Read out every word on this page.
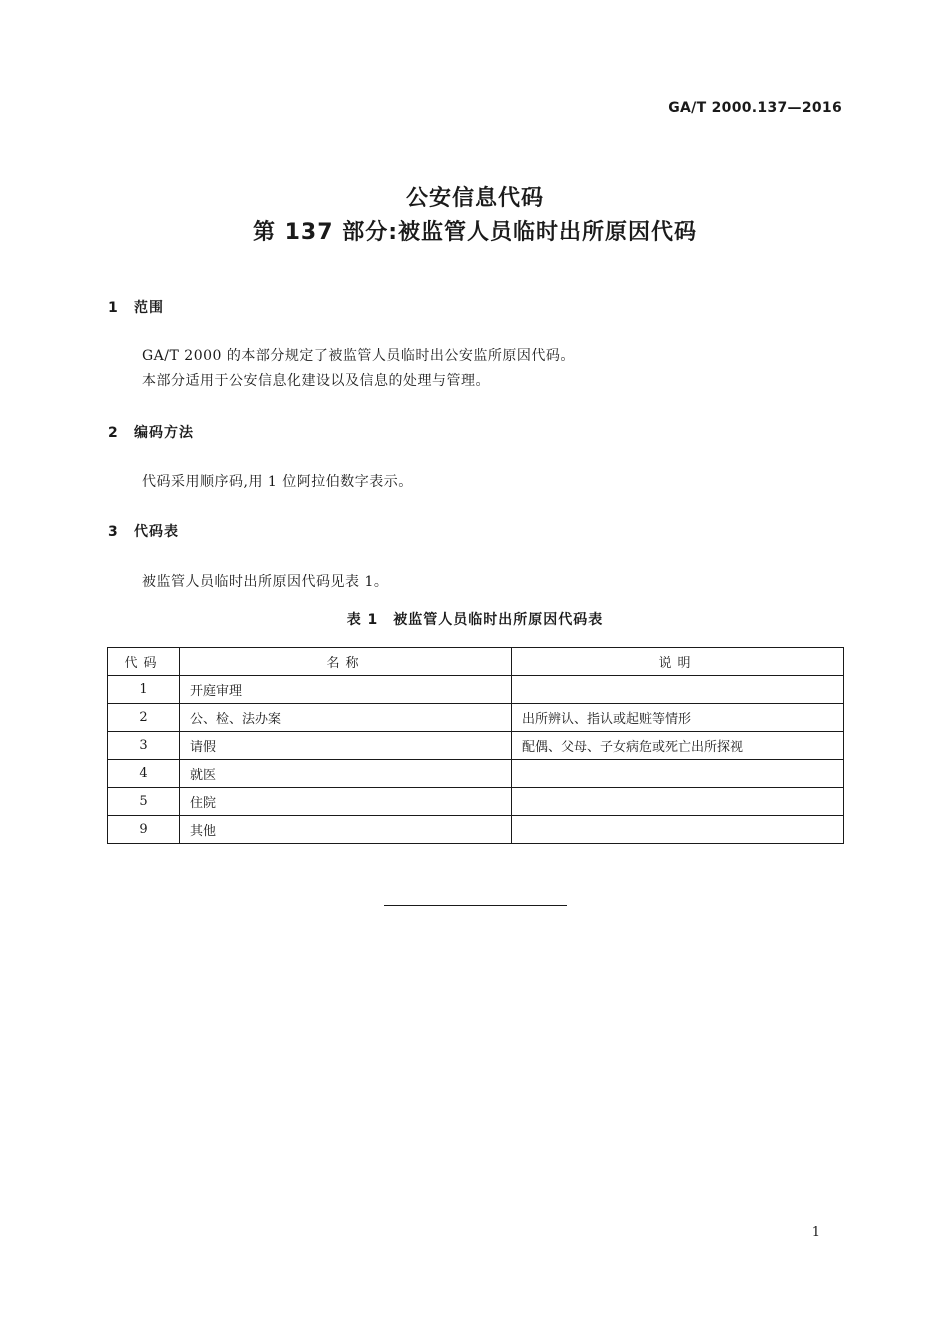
GA/T 2000.137—2016
公安信息代码
第 137 部分:被监管人员临时出所原因代码
1 范围
GA/T 2000 的本部分规定了被监管人员临时出公安监所原因代码。
本部分适用于公安信息化建设以及信息的处理与管理。
2 编码方法
代码采用顺序码,用 1 位阿拉伯数字表示。
3 代码表
被监管人员临时出所原因代码见表 1。
表 1　被监管人员临时出所原因代码表
代码	名称	说明
1	开庭审理	
2	公、检、法办案	出所辨认、指认或起赃等情形
3	请假	配偶、父母、子女病危或死亡出所探视
4	就医	
5	住院	
9	其他	
1
